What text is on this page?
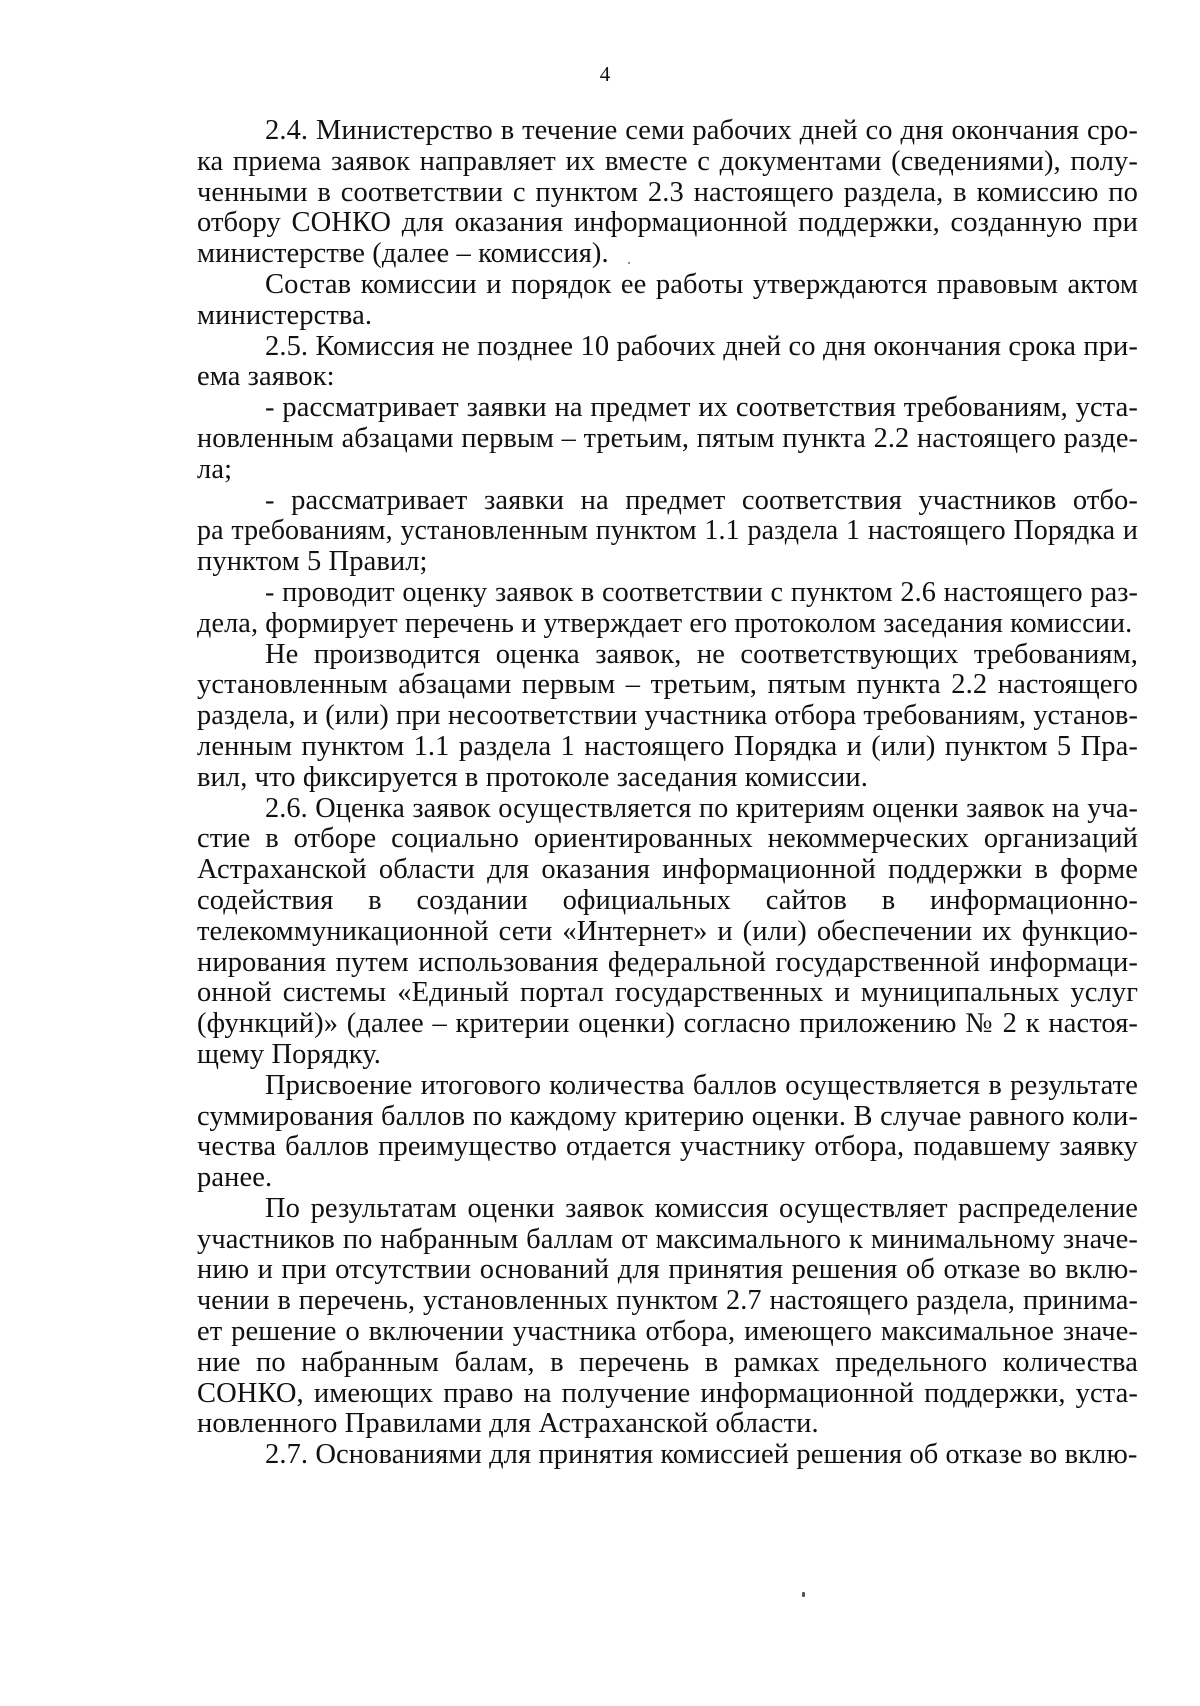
4
2.4. Министерство в течение семи рабочих дней со дня окончания сро-
ка приема заявок направляет их вместе с документами (сведениями), полу-
ченными в соответствии с пунктом 2.3 настоящего раздела, в комиссию по
отбору СОНКО для оказания информационной поддержки, созданную при
министерстве (далее – комиссия).
Состав комиссии и порядок ее работы утверждаются правовым актом
министерства.
2.5. Комиссия не позднее 10 рабочих дней со дня окончания срока при-
ема заявок:
- рассматривает заявки на предмет их соответствия требованиям, уста-
новленным абзацами первым – третьим, пятым пункта 2.2 настоящего разде-
ла;
- рассматривает заявки на предмет соответствия участников отбо-
ра требованиям, установленным пунктом 1.1 раздела 1 настоящего Порядка и
пунктом 5 Правил;
- проводит оценку заявок в соответствии с пунктом 2.6 настоящего раз-
дела, формирует перечень и утверждает его протоколом заседания комиссии.
Не производится оценка заявок, не соответствующих требованиям,
установленным абзацами первым – третьим, пятым пункта 2.2 настоящего
раздела, и (или) при несоответствии участника отбора требованиям, установ-
ленным пунктом 1.1 раздела 1 настоящего Порядка и (или) пунктом 5 Пра-
вил, что фиксируется в протоколе заседания комиссии.
2.6. Оценка заявок осуществляется по критериям оценки заявок на уча-
стие в отборе социально ориентированных некоммерческих организаций
Астраханской области для оказания информационной поддержки в форме
содействия в создании официальных сайтов в информационно-
телекоммуникационной сети «Интернет» и (или) обеспечении их функцио-
нирования путем использования федеральной государственной информаци-
онной системы «Единый портал государственных и муниципальных услуг
(функций)» (далее – критерии оценки) согласно приложению № 2 к настоя-
щему Порядку.
Присвоение итогового количества баллов осуществляется в результате
суммирования баллов по каждому критерию оценки. В случае равного коли-
чества баллов преимущество отдается участнику отбора, подавшему заявку
ранее.
По результатам оценки заявок комиссия осуществляет распределение
участников по набранным баллам от максимального к минимальному значе-
нию и при отсутствии оснований для принятия решения об отказе во вклю-
чении в перечень, установленных пунктом 2.7 настоящего раздела, принима-
ет решение о включении участника отбора, имеющего максимальное значе-
ние по набранным балам, в перечень в рамках предельного количества
СОНКО, имеющих право на получение информационной поддержки, уста-
новленного Правилами для Астраханской области.
2.7. Основаниями для принятия комиссией решения об отказе во вклю-
